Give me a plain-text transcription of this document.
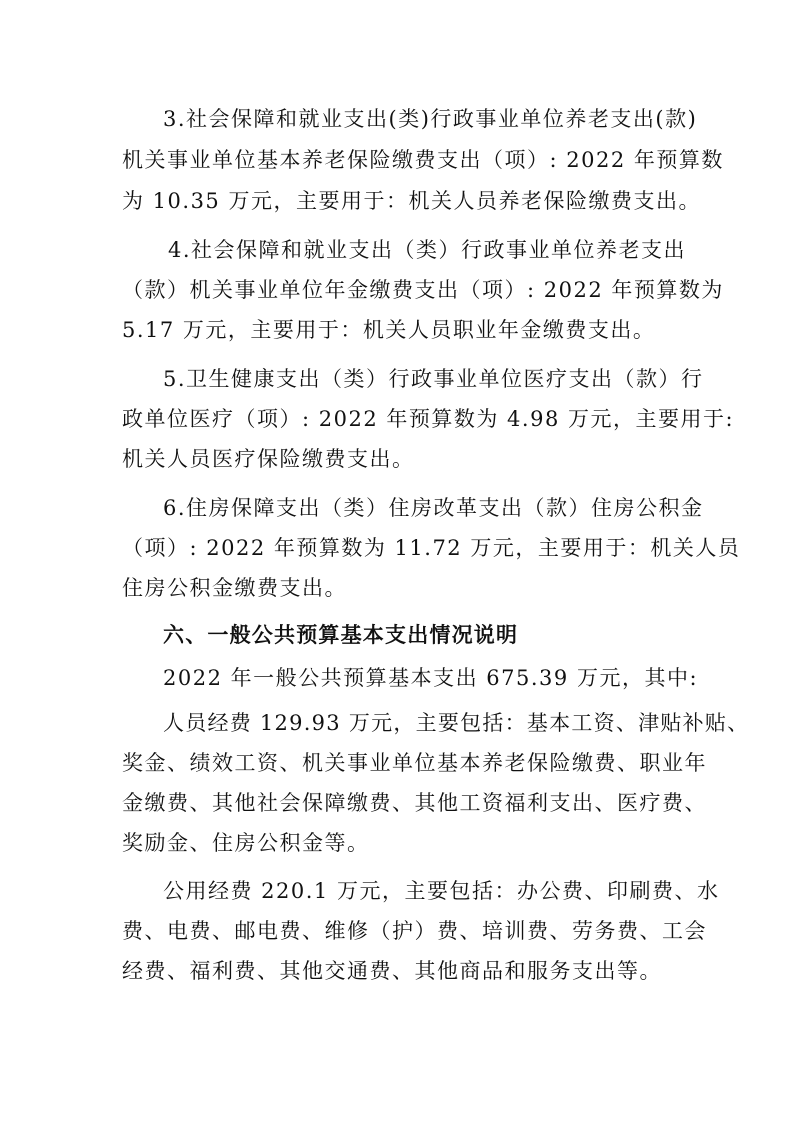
3.社会保障和就业支出(类)行政事业单位养老支出(款)
机关事业单位基本养老保险缴费支出（项）: 2022 年预算数
为 10.35 万元，主要用于：机关人员养老保险缴费支出。
4.社会保障和就业支出（类）行政事业单位养老支出
（款）机关事业单位年金缴费支出（项）: 2022 年预算数为
5.17 万元，主要用于：机关人员职业年金缴费支出。
5.卫生健康支出（类）行政事业单位医疗支出（款）行
政单位医疗（项）: 2022 年预算数为 4.98 万元，主要用于:
机关人员医疗保险缴费支出。
6.住房保障支出（类）住房改革支出（款）住房公积金
（项）: 2022 年预算数为 11.72 万元，主要用于：机关人员
住房公积金缴费支出。
六、一般公共预算基本支出情况说明
2022 年一般公共预算基本支出 675.39 万元，其中:
人员经费 129.93 万元，主要包括：基本工资、津贴补贴、
奖金、绩效工资、机关事业单位基本养老保险缴费、职业年
金缴费、其他社会保障缴费、其他工资福利支出、医疗费、
奖励金、住房公积金等。
公用经费 220.1 万元，主要包括：办公费、印刷费、水
费、电费、邮电费、维修（护）费、培训费、劳务费、工会
经费、福利费、其他交通费、其他商品和服务支出等。
